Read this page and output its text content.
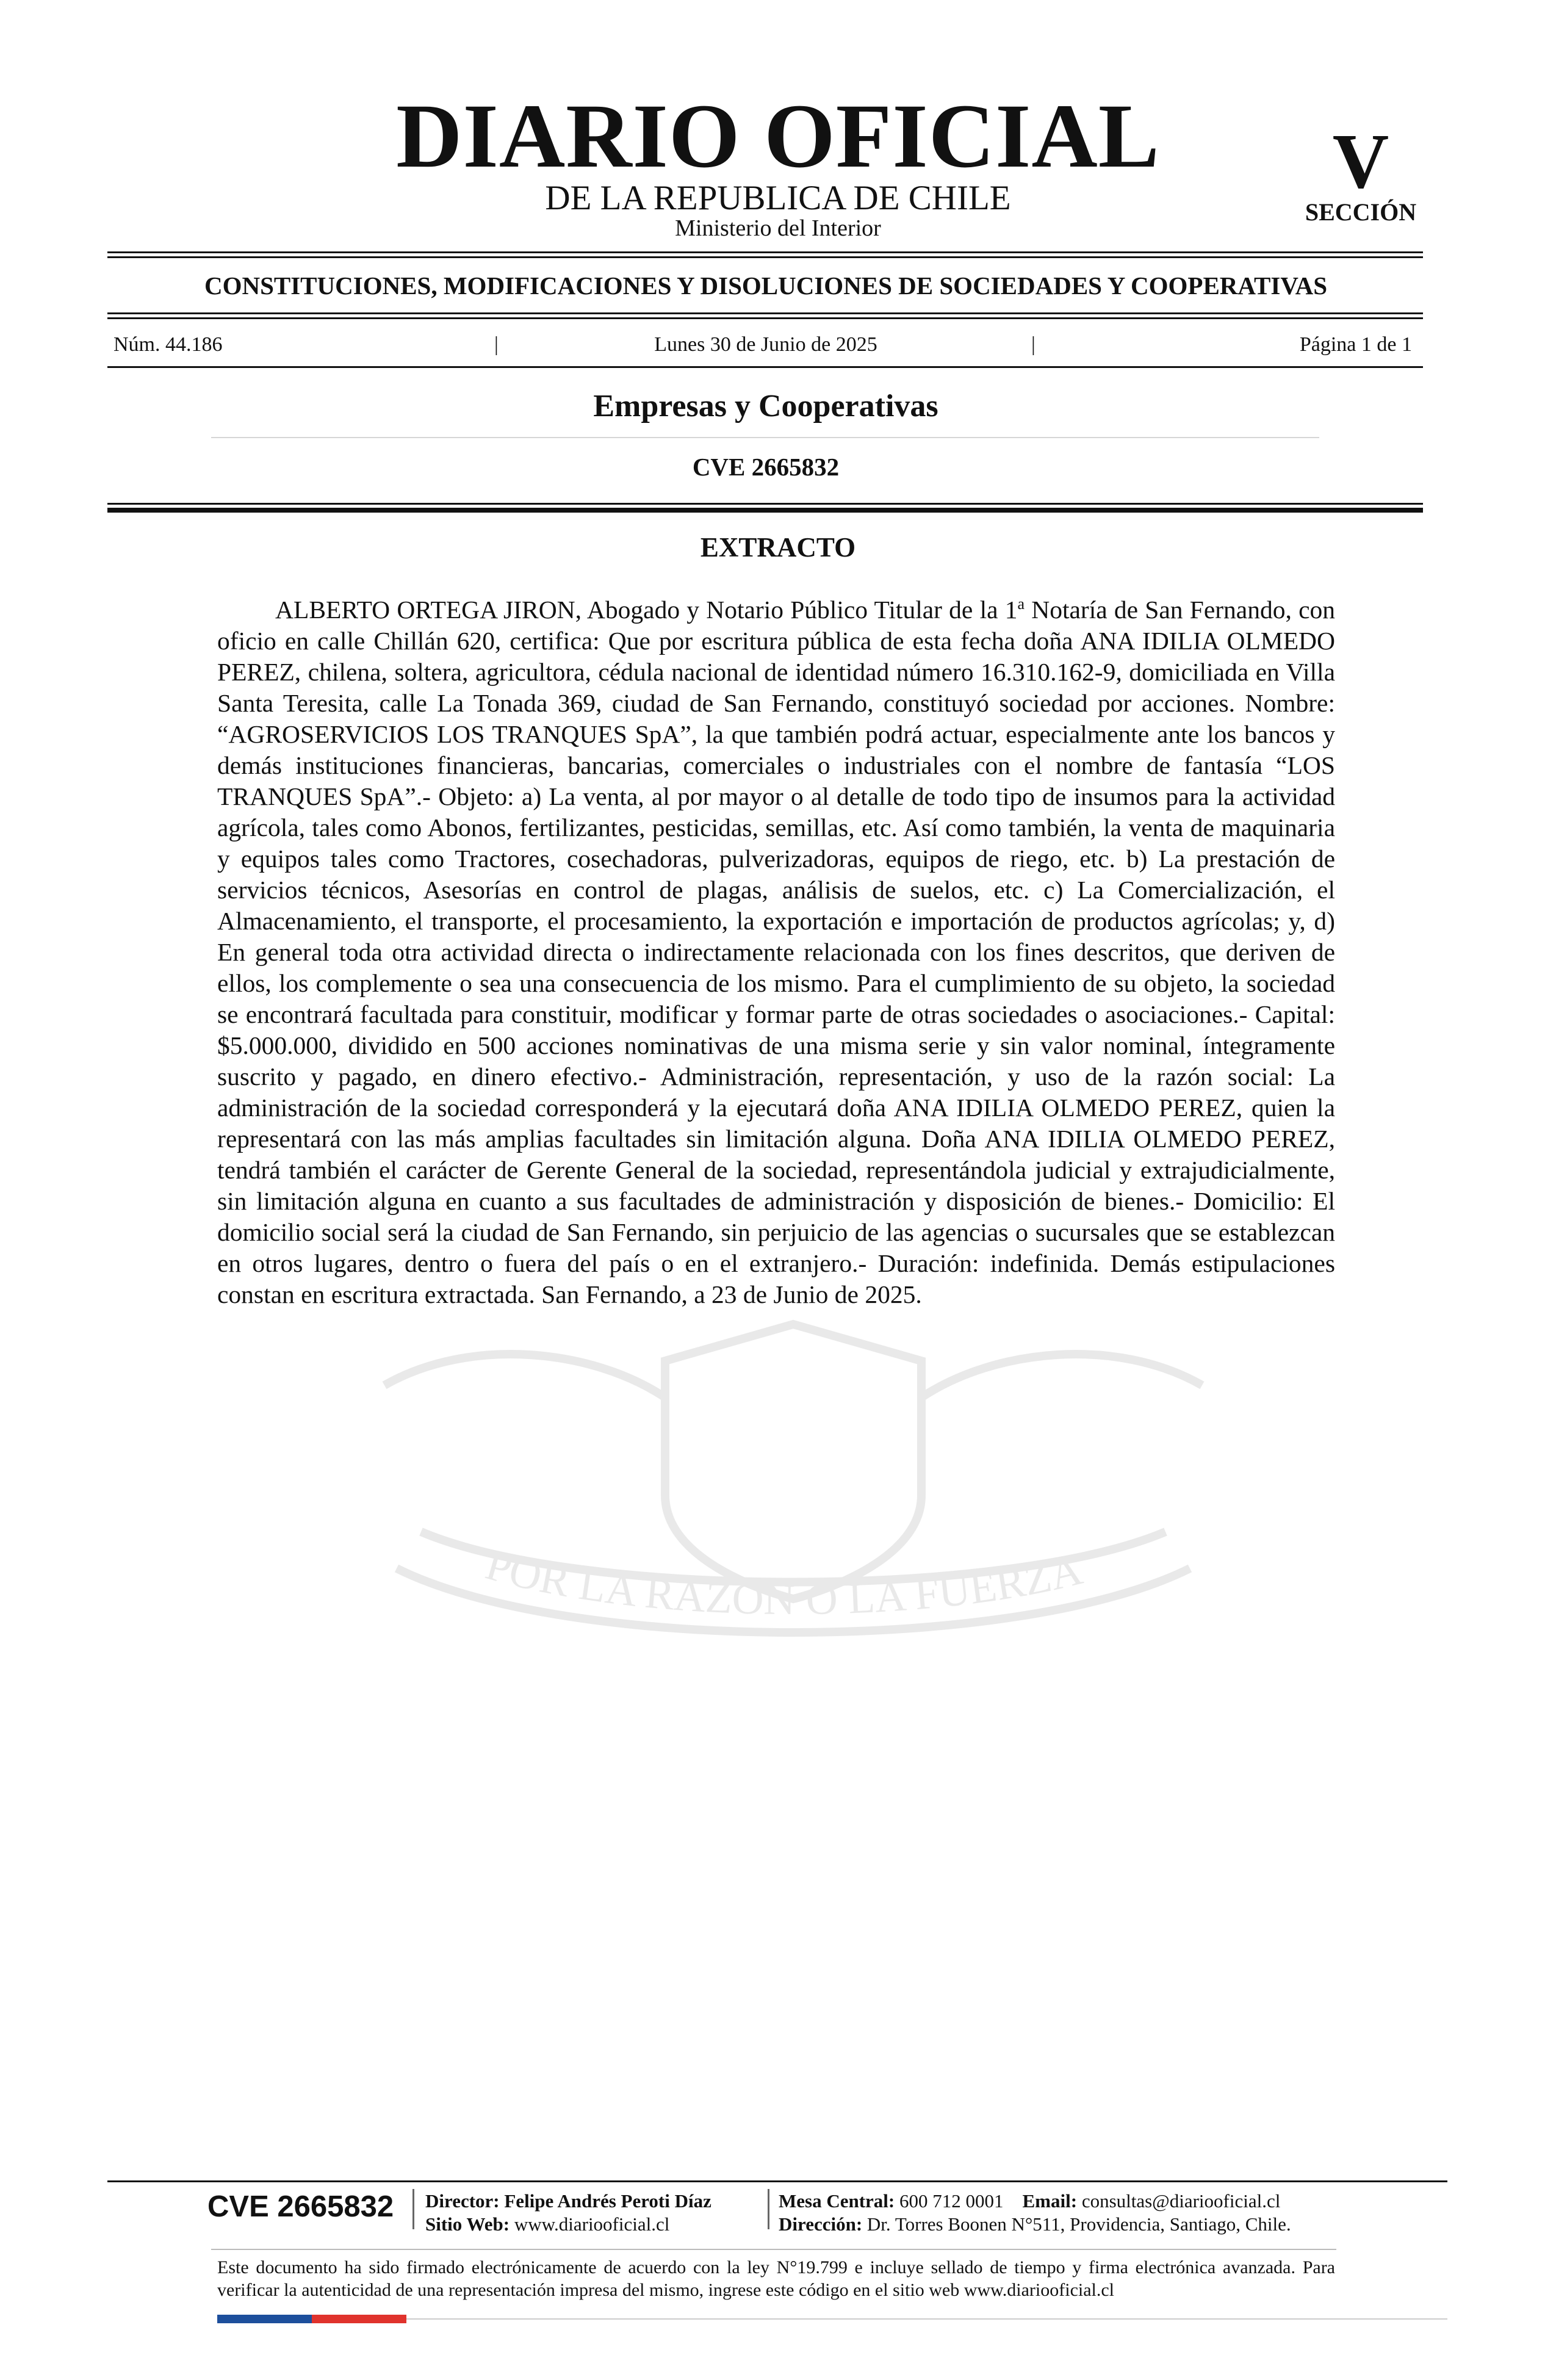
DIARIO OFICIAL
DE LA REPUBLICA DE CHILE
Ministerio del Interior
V
SECCIÓN
CONSTITUCIONES, MODIFICACIONES Y DISOLUCIONES DE SOCIEDADES Y COOPERATIVAS
Núm. 44.186	|	Lunes 30 de Junio de 2025	|	Página 1 de 1
Empresas y Cooperativas
CVE 2665832
POR LA RAZON O LA FUERZA
EXTRACTO
ALBERTO ORTEGA JIRON, Abogado y Notario Público Titular de la 1$^a$ Notaría de San Fernando, con oficio en calle Chillán 620, certifica: Que por escritura pública de esta fecha doña ANA IDILIA OLMEDO PEREZ, chilena, soltera, agricultora, cédula nacional de identidad número 16.310.162-9, domiciliada en Villa Santa Teresita, calle La Tonada 369, ciudad de San Fernando, constituyó sociedad por acciones. Nombre: “AGROSERVICIOS LOS TRANQUES SpA”, la que también podrá actuar, especialmente ante los bancos y demás instituciones financieras, bancarias, comerciales o industriales con el nombre de fantasía “LOS TRANQUES SpA”.- Objeto: a) La venta, al por mayor o al detalle de todo tipo de insumos para la actividad agrícola, tales como Abonos, fertilizantes, pesticidas, semillas, etc. Así como también, la venta de maquinaria y equipos tales como Tractores, cosechadoras, pulverizadoras, equipos de riego, etc. b) La prestación de servicios técnicos, Asesorías en control de plagas, análisis de suelos, etc. c) La Comercialización, el Almacenamiento, el transporte, el procesamiento, la exportación e importación de productos agrícolas; y, d) En general toda otra actividad directa o indirectamente relacionada con los fines descritos, que deriven de ellos, los complemente o sea una consecuencia de los mismo. Para el cumplimiento de su objeto, la sociedad se encontrará facultada para constituir, modificar y formar parte de otras sociedades o asociaciones.- Capital: $5.000.000, dividido en 500 acciones nominativas de una misma serie y sin valor nominal, íntegramente suscrito y pagado, en dinero efectivo.- Administración, representación, y uso de la razón social: La administración de la sociedad corresponderá y la ejecutará doña ANA IDILIA OLMEDO PEREZ, quien la representará con las más amplias facultades sin limitación alguna. Doña ANA IDILIA OLMEDO PEREZ, tendrá también el carácter de Gerente General de la sociedad, representándola judicial y extrajudicialmente, sin limitación alguna en cuanto a sus facultades de administración y disposición de bienes.- Domicilio: El domicilio social será la ciudad de San Fernando, sin perjuicio de las agencias o sucursales que se establezcan en otros lugares, dentro o fuera del país o en el extranjero.- Duración: indefinida. Demás estipulaciones constan en escritura extractada. San Fernando, a 23 de Junio de 2025.
CVE 2665832 Director: Felipe Andrés Peroti Díaz
Sitio Web: www.diariooficial.cl
Mesa Central: 600 712 0001 Email: consultas@diariooficial.cl
Dirección: Dr. Torres Boonen N°511, Providencia, Santiago, Chile.
Este documento ha sido firmado electrónicamente de acuerdo con la ley N°19.799 e incluye sellado de tiempo y firma electrónica avanzada. Para verificar la autenticidad de una representación impresa del mismo, ingrese este código en el sitio web www.diariooficial.cl
